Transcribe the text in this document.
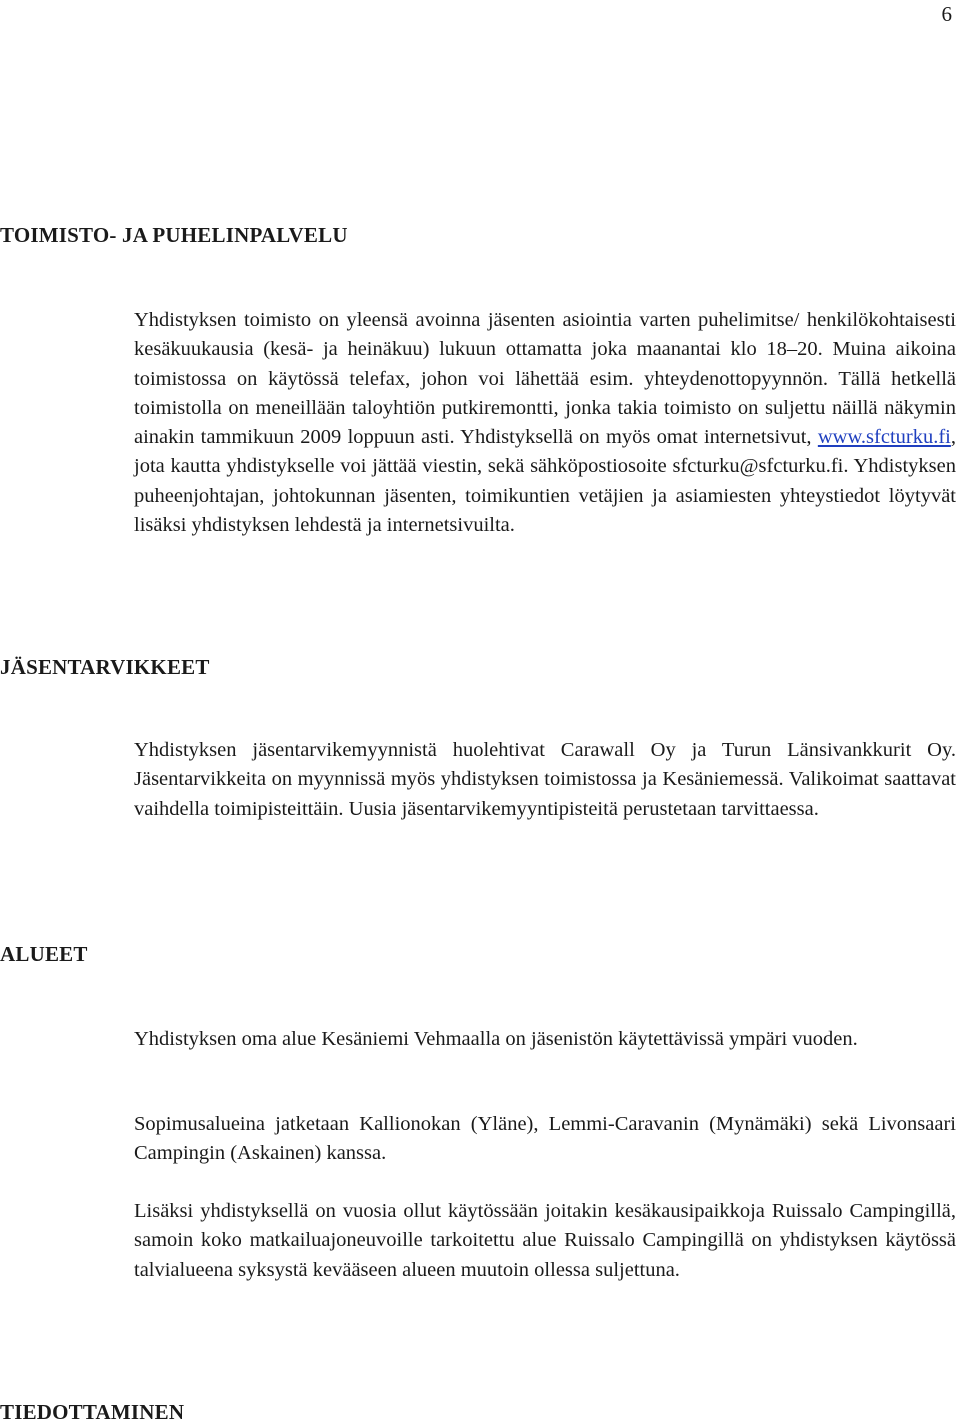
6
TOIMISTO- JA PUHELINPALVELU

Yhdistyksen toimisto on yleensä avoinna jäsenten asiointia varten puhelimitse/ henkilökohtaisesti kesäkuukausia (kesä- ja heinäkuu) lukuun ottamatta joka maanantai klo 18–20. Muina aikoina toimistossa on käytössä telefax, johon voi lähettää esim. yhteydenottopyynnön. Tällä hetkellä toimistolla on meneillään taloyhtiön putkiremontti, jonka takia toimisto on suljettu näillä näkymin ainakin tammikuun 2009 loppuun asti. Yhdistyksellä on myös omat internetsivut, www.sfcturku.fi, jota kautta yhdistykselle voi jättää viestin, sekä sähköpostiosoite sfcturku@sfcturku.fi. Yhdistyksen puheenjohtajan, johtokunnan jäsenten, toimikuntien vetäjien ja asiamiesten yhteystiedot löytyvät lisäksi yhdistyksen lehdestä ja internetsivuilta.

JÄSENTARVIKKEET

Yhdistyksen jäsentarvikemyynnistä huolehtivat Carawall Oy ja Turun Länsivankkurit Oy. Jäsentarvikkeita on myynnissä myös yhdistyksen toimistossa ja Kesäniemessä. Valikoimat saattavat vaihdella toimipisteittäin. Uusia jäsentarvikemyyntipisteitä perustetaan tarvittaessa.

ALUEET

Yhdistyksen oma alue Kesäniemi Vehmaalla on jäsenistön käytettävissä ympäri vuoden.

Sopimusalueina jatketaan Kallionokan (Yläne), Lemmi-Caravanin (Mynämäki) sekä Livonsaari Campingin (Askainen) kanssa.

Lisäksi yhdistyksellä on vuosia ollut käytössään joitakin kesäkausipaikkoja Ruissalo Campingillä, samoin koko matkailuajoneuvoille tarkoitettu alue Ruissalo Campingillä on yhdistyksen käytössä talvialueena syksystä kevääseen alueen muutoin ollessa suljettuna.

TIEDOTTAMINEN
